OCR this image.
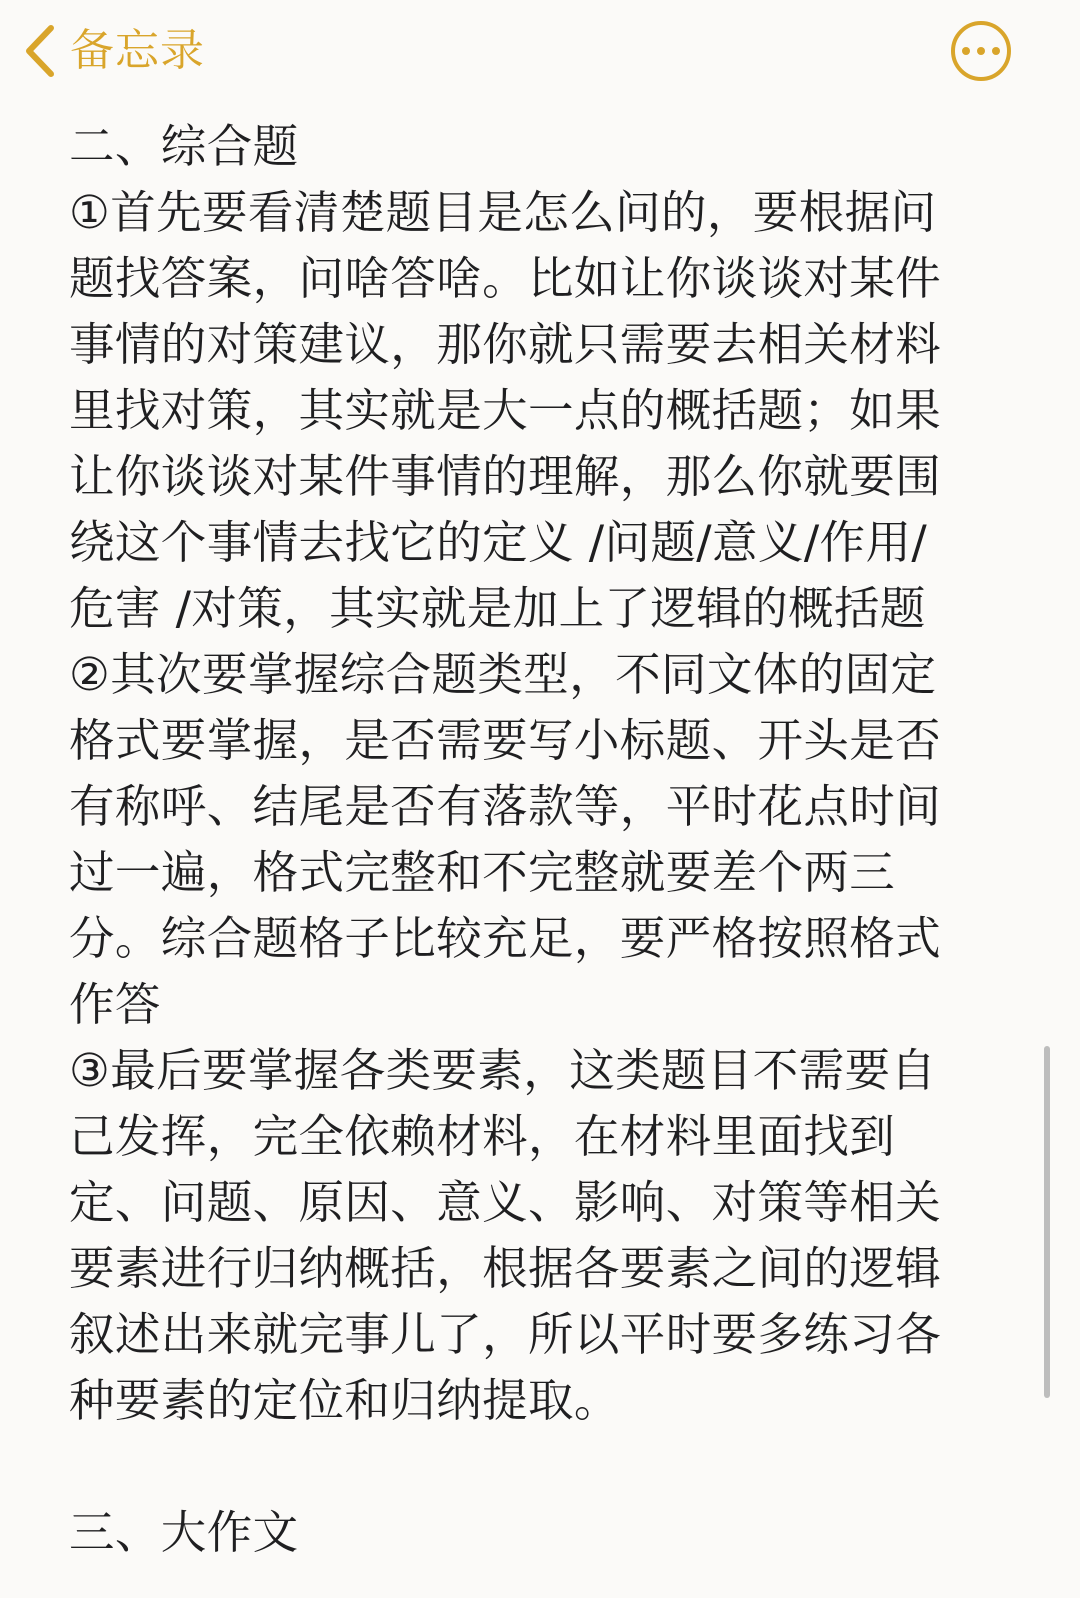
备忘录
二、综合题
①首先要看清楚题目是怎么问的，要根据问
题找答案，问啥答啥。比如让你谈谈对某件
事情的对策建议，那你就只需要去相关材料
里找对策，其实就是大一点的概括题；如果
让你谈谈对某件事情的理解，那么你就要围
绕这个事情去找它的定义 /问题/意义/作用/
危害 /对策，其实就是加上了逻辑的概括题
②其次要掌握综合题类型，不同文体的固定
格式要掌握，是否需要写小标题、开头是否
有称呼、结尾是否有落款等，平时花点时间
过一遍，格式完整和不完整就要差个两三
分。综合题格子比较充足，要严格按照格式
作答
③最后要掌握各类要素，这类题目不需要自
己发挥，完全依赖材料，在材料里面找到
定、问题、原因、意义、影响、对策等相关
要素进行归纳概括，根据各要素之间的逻辑
叙述出来就完事儿了，所以平时要多练习各
种要素的定位和归纳提取。
三、大作文
